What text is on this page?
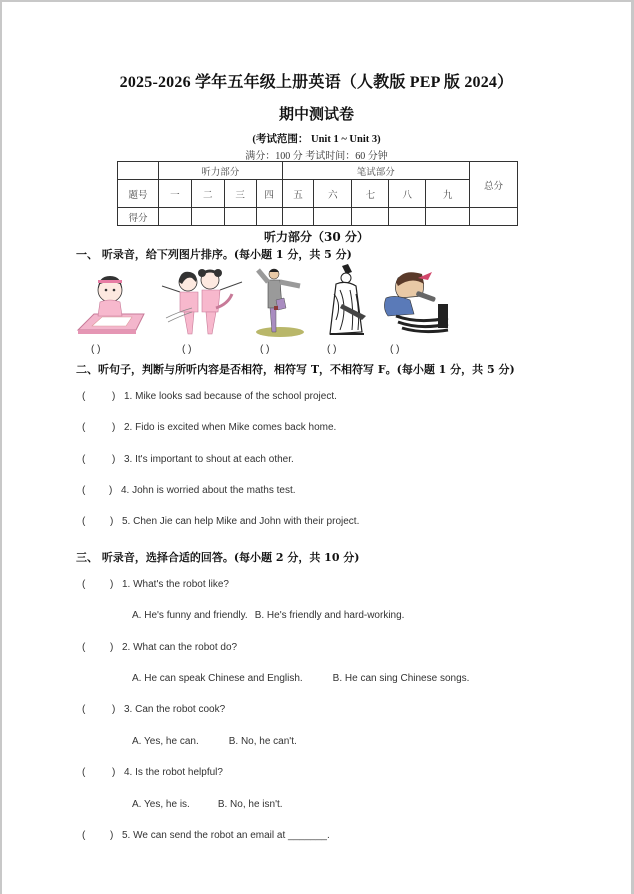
2025-2026 学年五年级上册英语（人教版 PEP 版 2024）
期中测试卷
(考试范围： Unit 1 ~ Unit 3)
满分：100 分 考试时间：60 分钟
	听力部分				笔试部分					总分
题号	一	二	三	四	五	六	七	八	九	
得分										
听力部分（30 分）
一、 听录音，给下列图片排序。(每小题 1 分，共 5 分)
( )	( )	( )	( )	( )
二、听句子，判断与所听内容是否相符，相符写 T，不相符写 F。(每小题 1 分，共 5 分)
(	) 1. Mike looks sad because of the school project.
(	) 2. Fido is excited when Mike comes back home.
(	) 3. It's important to shout at each other.
( ) 4. John is worried about the maths test.
( ) 5. Chen Jie can help Mike and John with their project.
三、 听录音，选择合适的回答。(每小题 2 分，共 10 分)
( ) 1. What's the robot like?
A. He's funny and friendly. B. He's friendly and hard-working.
( ) 2. What can the robot do?
A. He can speak Chinese and English.	B. He can sing Chinese songs.
(	) 3. Can the robot cook?
A. Yes, he can.	B. No, he can't.
(	) 4. Is the robot helpful?
A. Yes, he is.	B. No, he isn't.
( ) 5. We can send the robot an email at _______.
